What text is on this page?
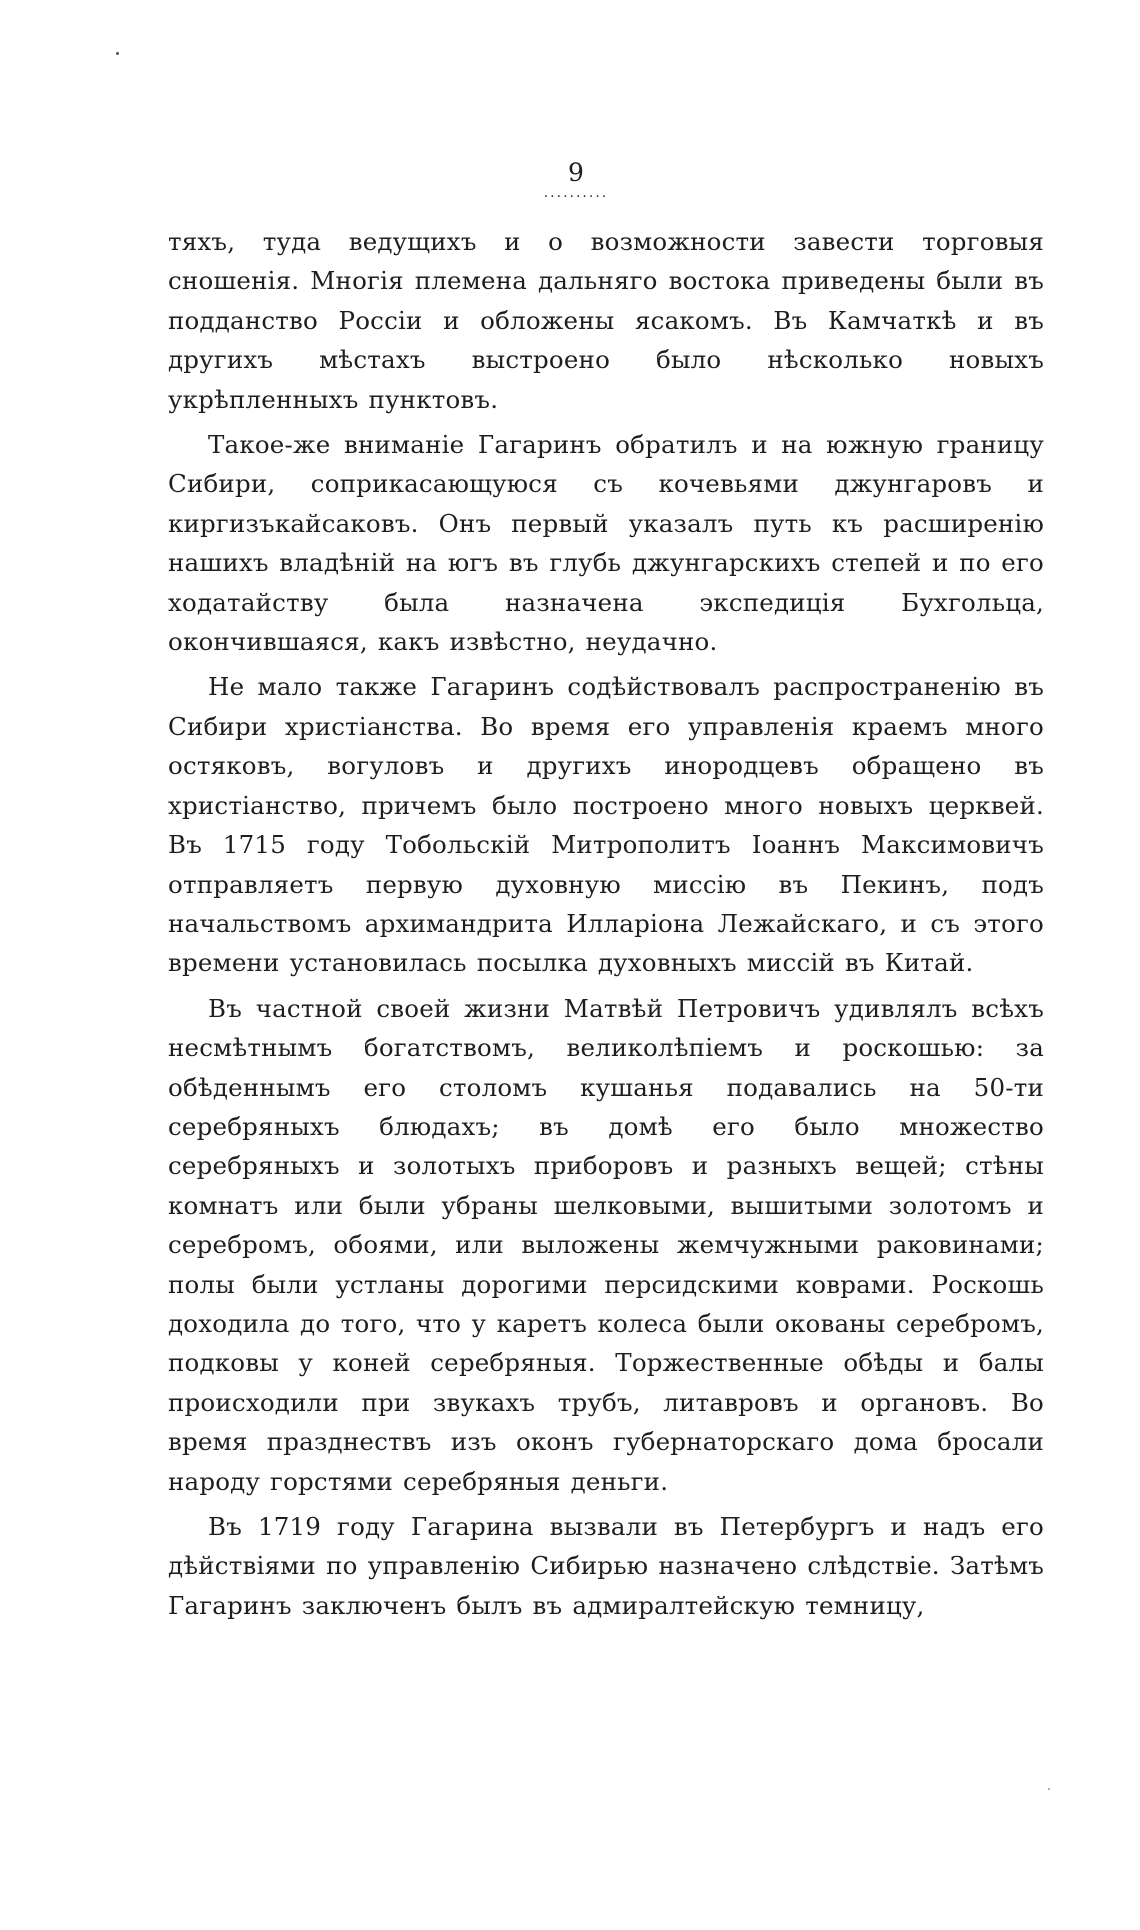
9
..........

тяхъ, туда ведущихъ и о возможности завести торговыя сношенія. Многія племена дальняго востока приведены были въ подданство Россіи и обложены ясакомъ. Въ Камчаткѣ и въ другихъ мѣстахъ выстроено было нѣсколько новыхъ укрѣпленныхъ пунктовъ.

Такое-же вниманіе Гагаринъ обратилъ и на южную границу Сибири, соприкасающуюся съ кочевьями джунгаровъ и киргизъкайсаковъ. Онъ первый указалъ путь къ расширенію нашихъ владѣній на югъ въ глубь джунгарскихъ степей и по его ходатайству была назначена экспедиція Бухгольца, окончившаяся, какъ извѣстно, неудачно.

Не мало также Гагаринъ содѣйствовалъ распространенію въ Сибири христіанства. Во время его управленія краемъ много остяковъ, вогуловъ и другихъ инородцевъ обращено въ христіанство, причемъ было построено много новыхъ церквей. Въ 1715 году Тобольскій Митрополитъ Іоаннъ Максимовичъ отправляетъ первую духовную миссію въ Пекинъ, подъ начальствомъ архимандрита Илларіона Лежайскаго, и съ этого времени установилась посылка духовныхъ миссій въ Китай.

Въ частной своей жизни Матвѣй Петровичъ удивлялъ всѣхъ несмѣтнымъ богатствомъ, великолѣпіемъ и роскошью: за обѣденнымъ его столомъ кушанья подавались на 50-ти серебряныхъ блюдахъ; въ домѣ его было множество серебряныхъ и золотыхъ приборовъ и разныхъ вещей; стѣны комнатъ или были убраны шелковыми, вышитыми золотомъ и серебромъ, обоями, или выложены жемчужными раковинами; полы были устланы дорогими персидскими коврами. Роскошь доходила до того, что у каретъ колеса были окованы серебромъ, подковы у коней серебряныя. Торжественные обѣды и балы происходили при звукахъ трубъ, литавровъ и органовъ. Во время празднествъ изъ оконъ губернаторскаго дома бросали народу горстями серебряныя деньги.

Въ 1719 году Гагарина вызвали въ Петербургъ и надъ его дѣйствіями по управленію Сибирью назначено слѣдствіе. Затѣмъ Гагаринъ заключенъ былъ въ адмиралтейскую темницу,
